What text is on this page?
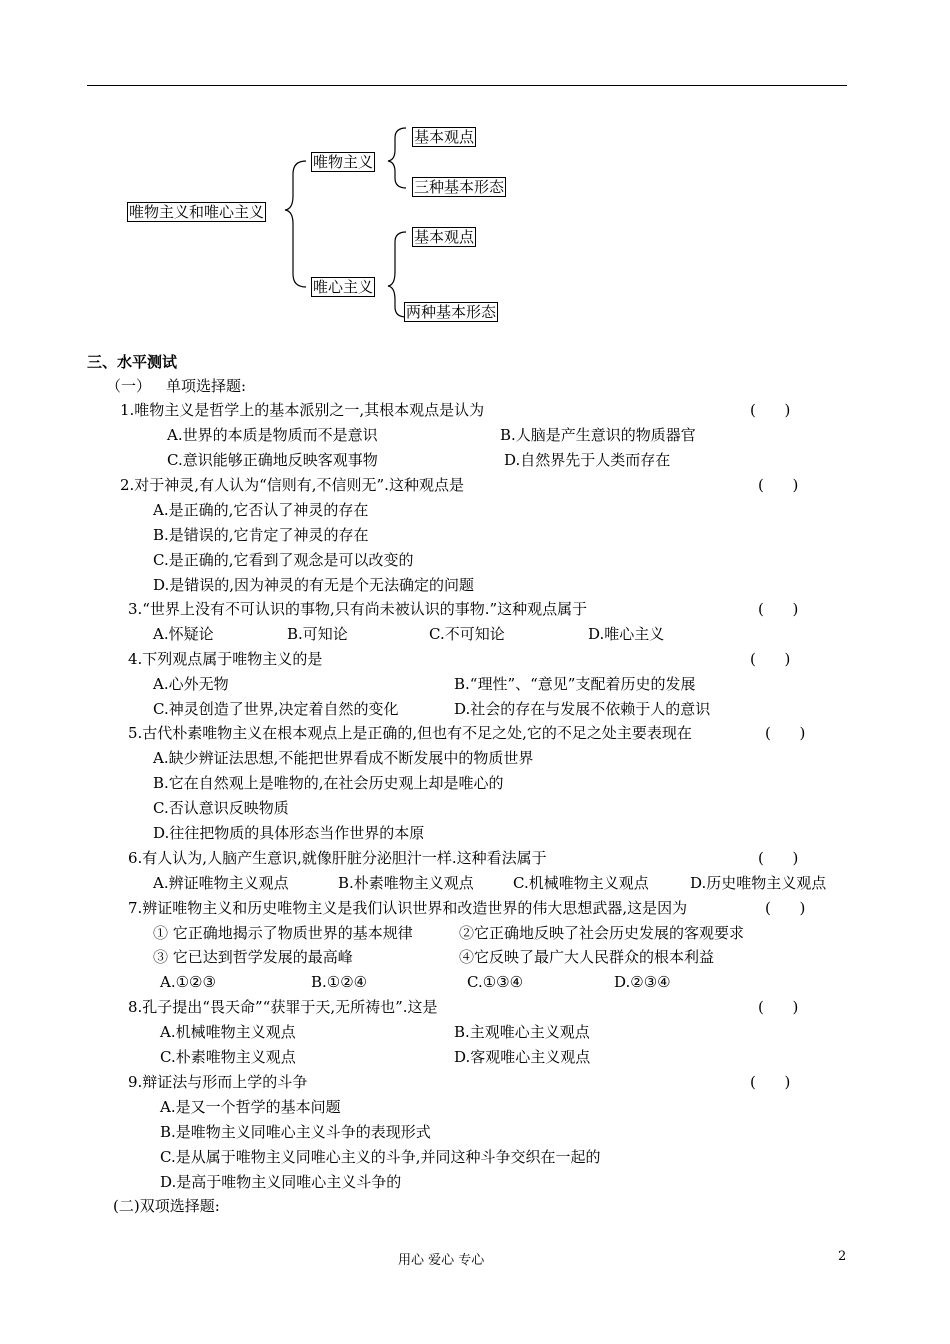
唯物主义和唯心主义
唯物主义
唯心主义
基本观点
三种基本形态
基本观点
两种基本形态
三、水平测试
（一） 单项选择题:
1.唯物主义是哲学上的基本派别之一,其根本观点是认为	(      )
A.世界的本质是物质而不是意识	B.人脑是产生意识的物质器官
C.意识能够正确地反映客观事物	D.自然界先于人类而存在
2.对于神灵,有人认为“信则有,不信则无”.这种观点是	(      )
A.是正确的,它否认了神灵的存在
B.是错误的,它肯定了神灵的存在
C.是正确的,它看到了观念是可以改变的
D.是错误的,因为神灵的有无是个无法确定的问题
3.“世界上没有不可认识的事物,只有尚未被认识的事物.”这种观点属于	(      )
A.怀疑论	B.可知论	C.不可知论	D.唯心主义
4.下列观点属于唯物主义的是	(      )
A.心外无物	B.“理性”、“意见”支配着历史的发展
C.神灵创造了世界,决定着自然的变化	D.社会的存在与发展不依赖于人的意识
5.古代朴素唯物主义在根本观点上是正确的,但也有不足之处,它的不足之处主要表现在	(      )
A.缺少辨证法思想,不能把世界看成不断发展中的物质世界
B.它在自然观上是唯物的,在社会历史观上却是唯心的
C.否认意识反映物质
D.往往把物质的具体形态当作世界的本原
6.有人认为,人脑产生意识,就像肝脏分泌胆汁一样.这种看法属于	(      )
A.辨证唯物主义观点	B.朴素唯物主义观点	C.机械唯物主义观点	D.历史唯物主义观点
7.辨证唯物主义和历史唯物主义是我们认识世界和改造世界的伟大思想武器,这是因为	(      )
① 它正确地揭示了物质世界的基本规律	②它正确地反映了社会历史发展的客观要求
③ 它已达到哲学发展的最高峰	④它反映了最广大人民群众的根本利益
A.①②③	B.①②④	C.①③④	D.②③④
8.孔子提出“畏天命”“获罪于天,无所祷也”.这是	(      )
A.机械唯物主义观点	B.主观唯心主义观点
C.朴素唯物主义观点	D.客观唯心主义观点
9.辩证法与形而上学的斗争	(      )
A.是又一个哲学的基本问题
B.是唯物主义同唯心主义斗争的表现形式
C.是从属于唯物主义同唯心主义的斗争,并同这种斗争交织在一起的
D.是高于唯物主义同唯心主义斗争的
(二)双项选择题:
用心 爱心 专心	2
